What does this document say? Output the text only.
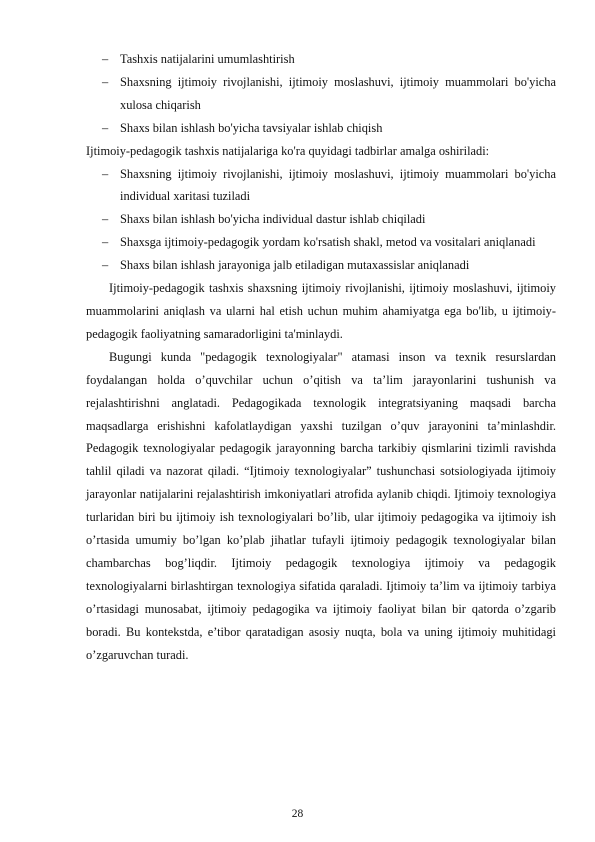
– Tashxis natijalarini umumlashtirish
– Shaxsning ijtimoiy rivojlanishi, ijtimoiy moslashuvi, ijtimoiy muammolari bo'yicha xulosa chiqarish
– Shaxs bilan ishlash bo'yicha tavsiyalar ishlab chiqish
Ijtimoiy-pedagogik tashxis natijalariga ko'ra quyidagi tadbirlar amalga oshiriladi:
– Shaxsning ijtimoiy rivojlanishi, ijtimoiy moslashuvi, ijtimoiy muammolari bo'yicha individual xaritasi tuziladi
– Shaxs bilan ishlash bo'yicha individual dastur ishlab chiqiladi
– Shaxsga ijtimoiy-pedagogik yordam ko'rsatish shakl, metod va vositalari aniqlanadi
– Shaxs bilan ishlash jarayoniga jalb etiladigan mutaxassislar aniqlanadi

Ijtimoiy-pedagogik tashxis shaxsning ijtimoiy rivojlanishi, ijtimoiy moslashuvi, ijtimoiy muammolarini aniqlash va ularni hal etish uchun muhim ahamiyatga ega bo'lib, u ijtimoiy-pedagogik faoliyatning samaradorligini ta'minlaydi.

Bugungi kunda "pedagogik texnologiyalar" atamasi inson va texnik resurslardan foydalangan holda o’quvchilar uchun o’qitish va ta’lim jarayonlarini tushunish va rejalashtirishni anglatadi. Pedagogikada texnologik integratsiyaning maqsadi barcha maqsadlarga erishishni kafolatlaydigan yaxshi tuzilgan o’quv jarayonini ta’minlashdir. Pedagogik texnologiyalar pedagogik jarayonning barcha tarkibiy qismlarini tizimli ravishda tahlil qiladi va nazorat qiladi. “Ijtimoiy texnologiyalar” tushunchasi sotsiologiyada ijtimoiy jarayonlar natijalarini rejalashtirish imkoniyatlari atrofida aylanib chiqdi. Ijtimoiy texnologiya turlaridan biri bu ijtimoiy ish texnologiyalari bo’lib, ular ijtimoiy pedagogika va ijtimoiy ish o’rtasida umumiy bo’lgan ko’plab jihatlar tufayli ijtimoiy pedagogik texnologiyalar bilan chambarchas bog’liqdir. Ijtimoiy pedagogik texnologiya ijtimoiy va pedagogik texnologiyalarni birlashtirgan texnologiya sifatida qaraladi. Ijtimoiy ta’lim va ijtimoiy tarbiya o’rtasidagi munosabat, ijtimoiy pedagogika va ijtimoiy faoliyat bilan bir qatorda o’zgarib boradi. Bu kontekstda, e’tibor qaratadigan asosiy nuqta, bola va uning ijtimoiy muhitidagi o’zgaruvchan turadi.

28
